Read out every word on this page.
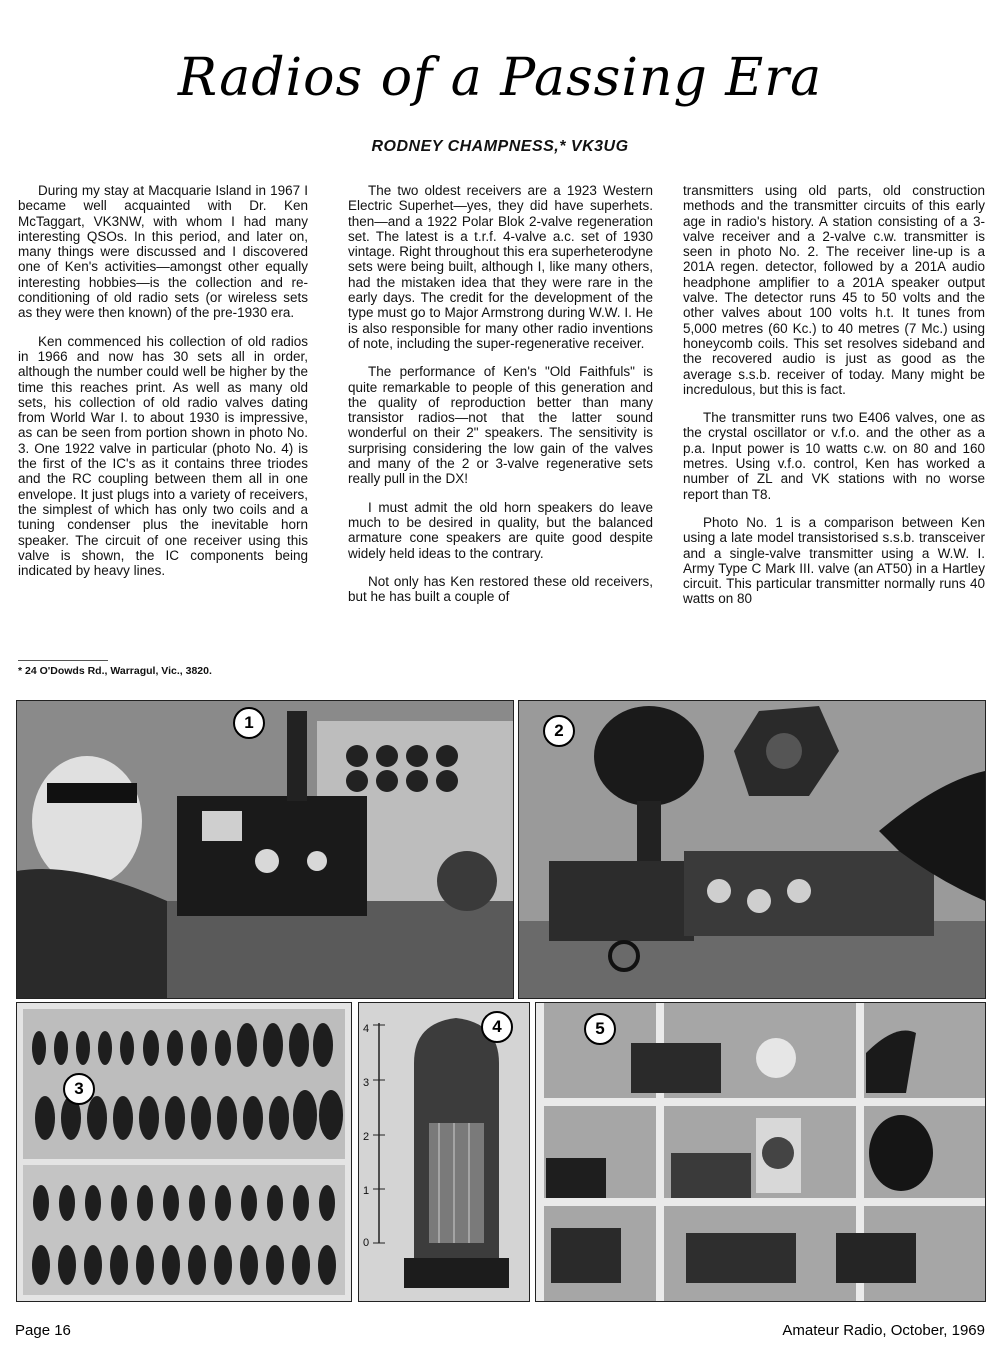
Radios of a Passing Era
RODNEY CHAMPNESS,* VK3UG

During my stay at Macquarie Island in 1967 I became well acquainted with Dr. Ken McTaggart, VK3NW, with whom I had many interesting QSOs. In this period, and later on, many things were discussed and I discovered one of Ken's activities—amongst other equally interesting hobbies—is the collection and re-conditioning of old radio sets (or wireless sets as they were then known) of the pre-1930 era.

Ken commenced his collection of old radios in 1966 and now has 30 sets all in order, although the number could well be higher by the time this reaches print. As well as many old sets, his collection of old radio valves dating from World War I. to about 1930 is impressive, as can be seen from portion shown in photo No. 3. One 1922 valve in particular (photo No. 4) is the first of the IC's as it contains three triodes and the RC coupling between them all in one envelope. It just plugs into a variety of receivers, the simplest of which has only two coils and a tuning condenser plus the inevitable horn speaker. The circuit of one receiver using this valve is shown, the IC components being indicated by heavy lines.

The two oldest receivers are a 1923 Western Electric Superhet—yes, they did have superhets. then—and a 1922 Polar Blok 2-valve regeneration set. The latest is a t.r.f. 4-valve a.c. set of 1930 vintage. Right throughout this era superheterodyne sets were being built, although I, like many others, had the mistaken idea that they were rare in the early days. The credit for the development of the type must go to Major Armstrong during W.W. I. He is also responsible for many other radio inventions of note, including the super-regenerative receiver.

The performance of Ken's "Old Faithfuls" is quite remarkable to people of this generation and the quality of reproduction better than many transistor radios—not that the latter sound wonderful on their 2" speakers. The sensitivity is surprising considering the low gain of the valves and many of the 2 or 3-valve regenerative sets really pull in the DX!

I must admit the old horn speakers do leave much to be desired in quality, but the balanced armature cone speakers are quite good despite widely held ideas to the contrary.

Not only has Ken restored these old receivers, but he has built a couple of

transmitters using old parts, old construction methods and the transmitter circuits of this early age in radio's history. A station consisting of a 3-valve receiver and a 2-valve c.w. transmitter is seen in photo No. 2. The receiver line-up is a 201A regen. detector, followed by a 201A audio headphone amplifier to a 201A speaker output valve. The detector runs 45 to 50 volts and the other valves about 100 volts h.t. It tunes from 5,000 metres (60 Kc.) to 40 metres (7 Mc.) using honeycomb coils. This set resolves sideband and the recovered audio is just as good as the average s.s.b. receiver of today. Many might be incredulous, but this is fact.

The transmitter runs two E406 valves, one as the crystal oscillator or v.f.o. and the other as a p.a. Input power is 10 watts c.w. on 80 and 160 metres. Using v.f.o. control, Ken has worked a number of ZL and VK stations with no worse report than T8.

Photo No. 1 is a comparison between Ken using a late model transistorised s.s.b. transceiver and a single-valve transmitter using a W.W. I. Army Type C Mark III. valve (an AT50) in a Hartley circuit. This particular transmitter normally runs 40 watts on 80

* 24 O'Dowds Rd., Warragul, Vic., 3820.
1	2
3
4
3
2
1
0
4	5
Page 16	Amateur Radio, October, 1969
